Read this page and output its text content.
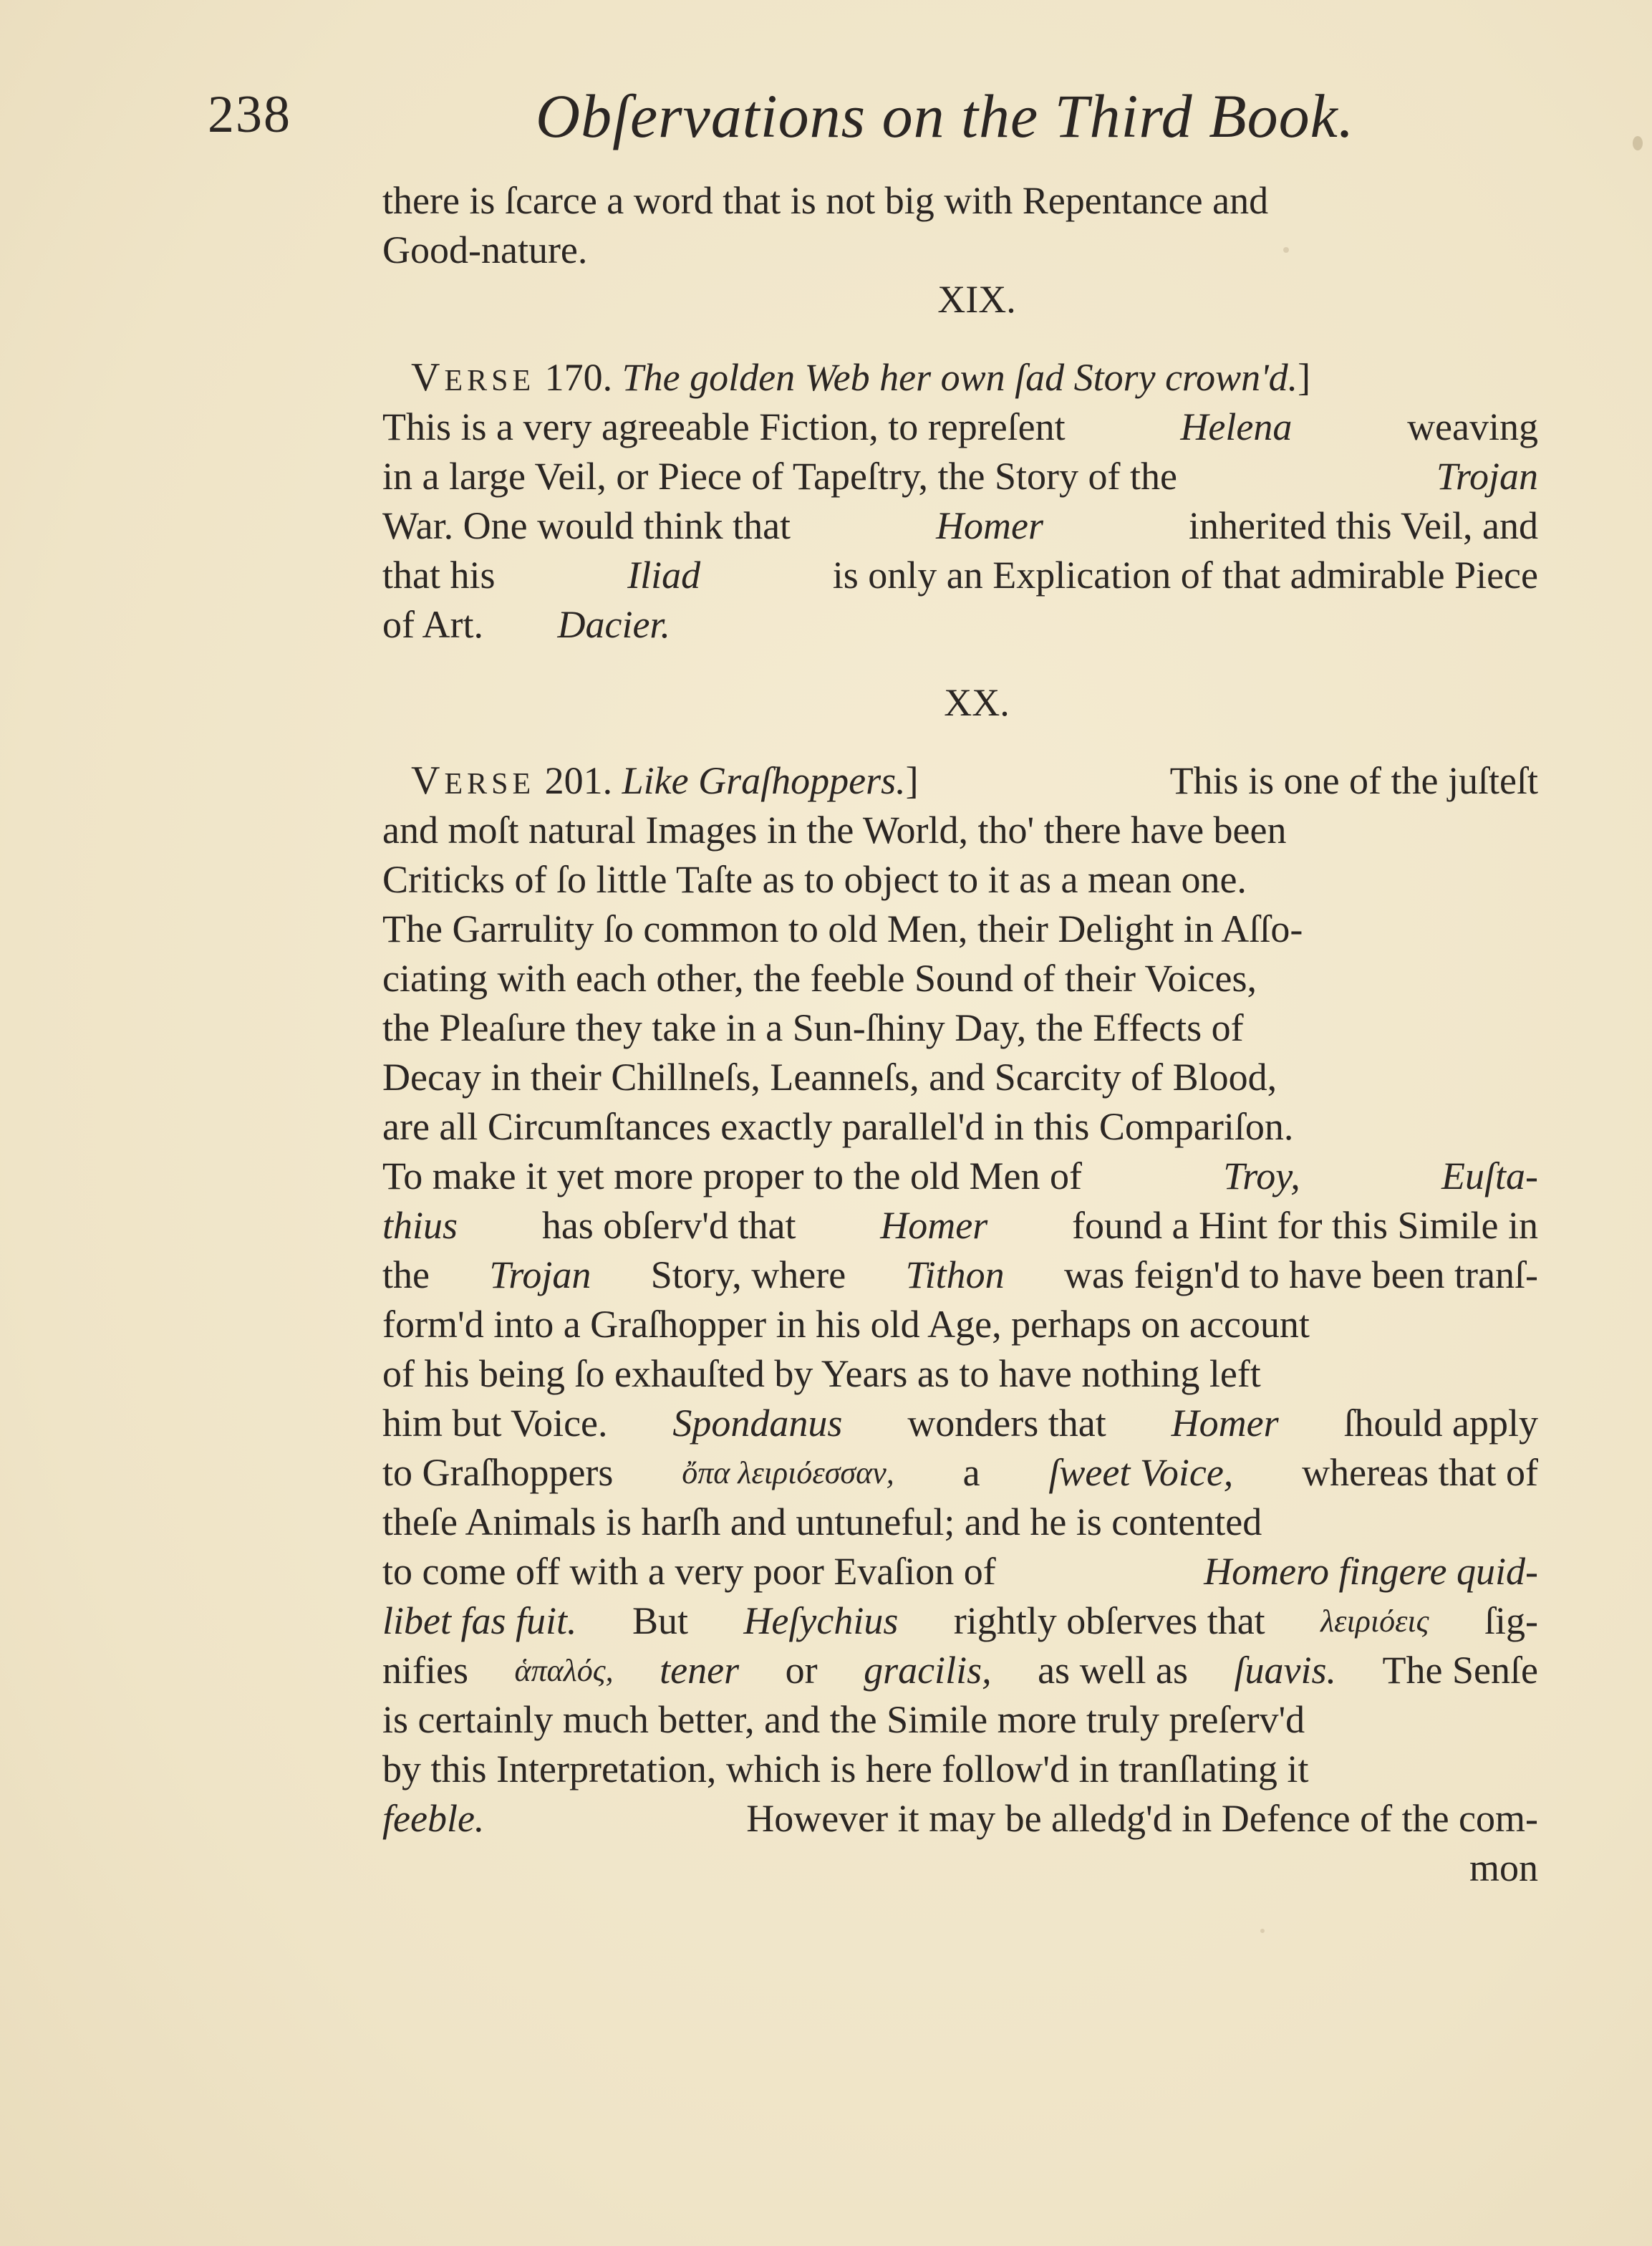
238	Obſervations on the Third Book.
there is ſcarce a word that is not big with Repentance and
Good-nature.
XIX.
VERSE 170. The golden Web her own ſad Story crown'd.]
This is a very agreeable Fiction, to repreſent	Helena	weaving
in a large Veil, or Piece of Tapeſtry, the Story of the	Trojan
War. One would think that	Homer	inherited this Veil, and
that his	Iliad	is only an Explication of that admirable Piece
of Art. Dacier.
XX.
VERSE 201. Like Graſhoppers.]	This is one of the juſteſt
and moſt natural Images in the World, tho' there have been
Criticks of ſo little Taſte as to object to it as a mean one.
The Garrulity ſo common to old Men, their Delight in Aſſo-
ciating with each other, the feeble Sound of their Voices,
the Pleaſure they take in a Sun-ſhiny Day, the Effects of
Decay in their Chillneſs, Leanneſs, and Scarcity of Blood,
are all Circumſtances exactly parallel'd in this Compariſon.
To make it yet more proper to the old Men of	Troy,	Euſta-
thius has obſerv'd that Homer found a Hint for this Simile in
the Trojan Story, where Tithon was feign'd to have been tranſ-
form'd into a Graſhopper in his old Age, perhaps on account
of his being ſo exhauſted by Years as to have nothing left
him but Voice. Spondanus wonders that Homer ſhould apply
to Graſhoppers ὄπα λειριόεσσαν, a ſweet Voice, whereas that of
theſe Animals is harſh and untuneful; and he is contented
to come off with a very poor Evaſion of	Homero fingere quid-
libet fas fuit. But Heſychius rightly obſerves that λειριόεις ſig-
nifies ἁπαλός, tener or gracilis, as well as ſuavis. The Senſe
is certainly much better, and the Simile more truly preſerv'd
by this Interpretation, which is here follow'd in tranſlating it
feeble.	However it may be alledg'd in Defence of the com-
mon
